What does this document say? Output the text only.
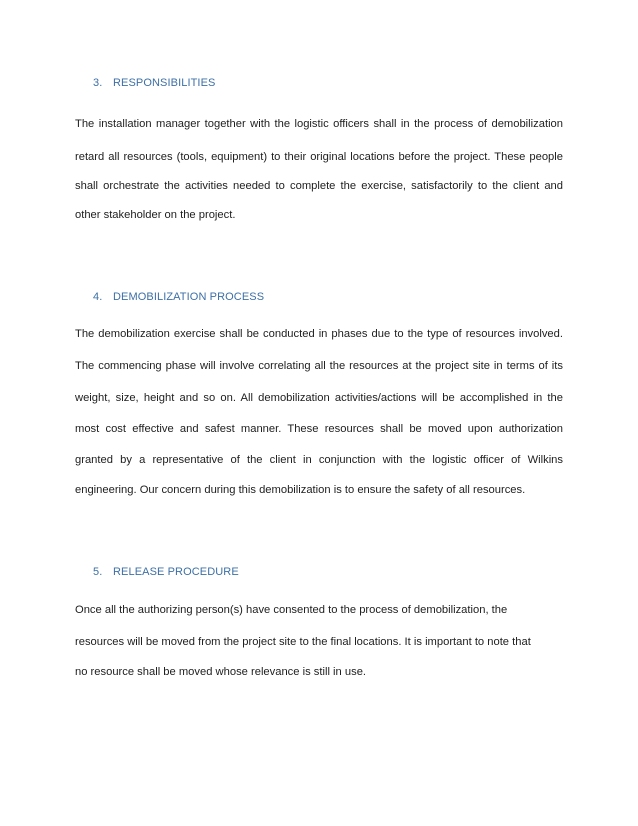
3. RESPONSIBILITIES
The installation manager together with the logistic officers shall in the process of demobilization
retard all resources (tools, equipment) to their original locations before the project. These people
shall orchestrate the activities needed to complete the exercise, satisfactorily to the client and
other stakeholder on the project.
4. DEMOBILIZATION PROCESS
The demobilization exercise shall be conducted in phases due to the type of resources involved.
The commencing phase will involve correlating all the resources at the project site in terms of its
weight, size, height and so on. All demobilization activities/actions will be accomplished in the
most cost effective and safest manner. These resources shall be moved upon authorization
granted by a representative of the client in conjunction with the logistic officer of Wilkins
engineering. Our concern during this demobilization is to ensure the safety of all resources.
5. RELEASE PROCEDURE
Once all the authorizing person(s) have consented to the process of demobilization, the
resources will be moved from the project site to the final locations. It is important to note that
no resource shall be moved whose relevance is still in use.
